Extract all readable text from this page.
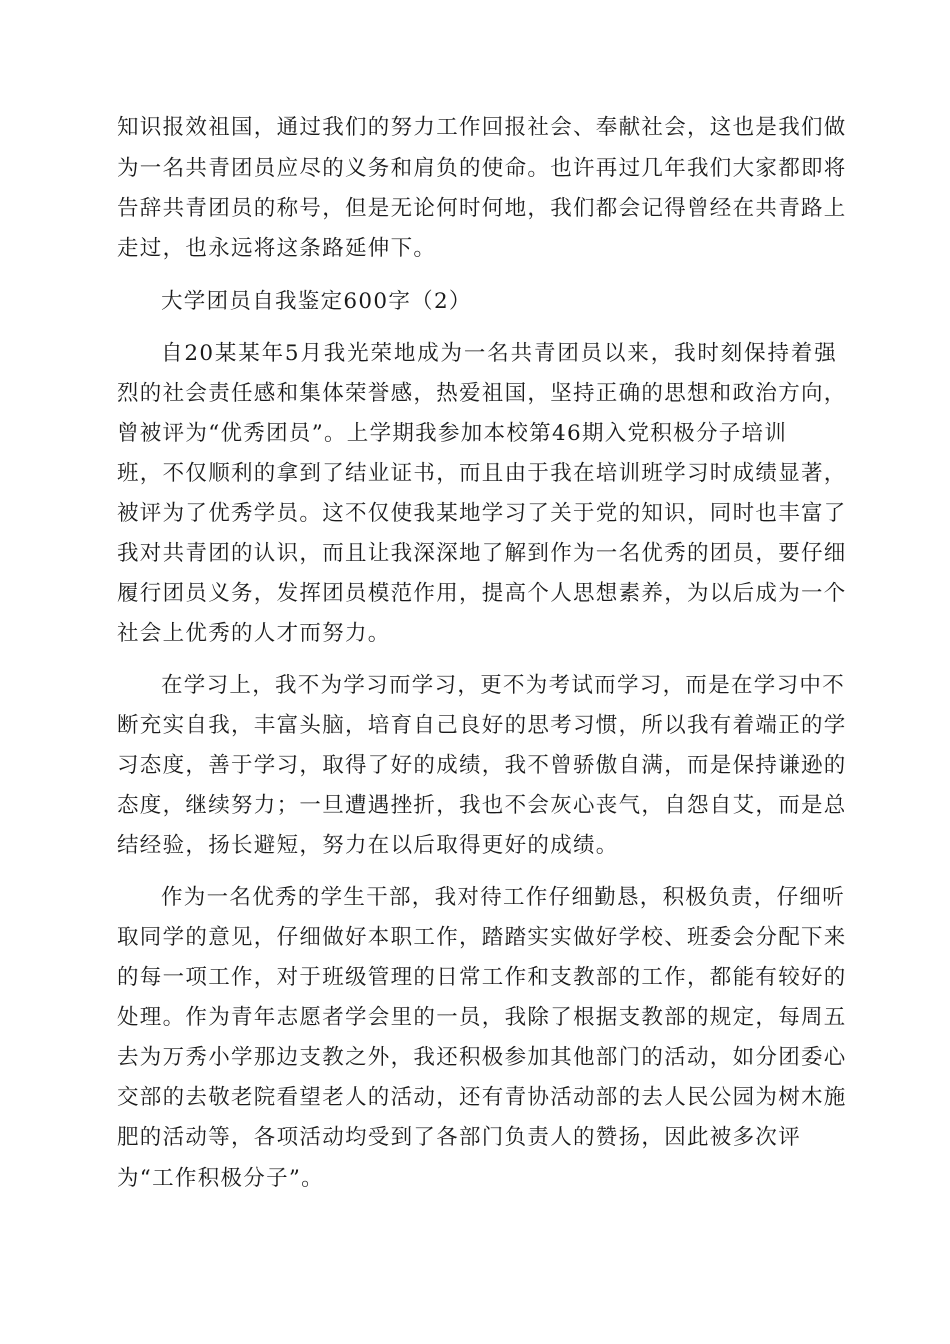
知识报效祖国，通过我们的努力工作回报社会、奉献社会，这也是我们做
为一名共青团员应尽的义务和肩负的使命。也许再过几年我们大家都即将
告辞共青团员的称号，但是无论何时何地，我们都会记得曾经在共青路上
走过，也永远将这条路延伸下。
大学团员自我鉴定600字（2）
自20某某年5月我光荣地成为一名共青团员以来，我时刻保持着强
烈的社会责任感和集体荣誉感，热爱祖国，坚持正确的思想和政治方向，
曾被评为“优秀团员”。上学期我参加本校第46期入党积极分子培训
班，不仅顺利的拿到了结业证书，而且由于我在培训班学习时成绩显著，
被评为了优秀学员。这不仅使我某地学习了关于党的知识，同时也丰富了
我对共青团的认识，而且让我深深地了解到作为一名优秀的团员，要仔细
履行团员义务，发挥团员模范作用，提高个人思想素养，为以后成为一个
社会上优秀的人才而努力。
在学习上，我不为学习而学习，更不为考试而学习，而是在学习中不
断充实自我，丰富头脑，培育自己良好的思考习惯，所以我有着端正的学
习态度，善于学习，取得了好的成绩，我不曾骄傲自满，而是保持谦逊的
态度，继续努力；一旦遭遇挫折，我也不会灰心丧气，自怨自艾，而是总
结经验，扬长避短，努力在以后取得更好的成绩。
作为一名优秀的学生干部，我对待工作仔细勤恳，积极负责，仔细听
取同学的意见，仔细做好本职工作，踏踏实实做好学校、班委会分配下来
的每一项工作，对于班级管理的日常工作和支教部的工作，都能有较好的
处理。作为青年志愿者学会里的一员，我除了根据支教部的规定，每周五
去为万秀小学那边支教之外，我还积极参加其他部门的活动，如分团委心
交部的去敬老院看望老人的活动，还有青协活动部的去人民公园为树木施
肥的活动等，各项活动均受到了各部门负责人的赞扬，因此被多次评
为“工作积极分子”。
